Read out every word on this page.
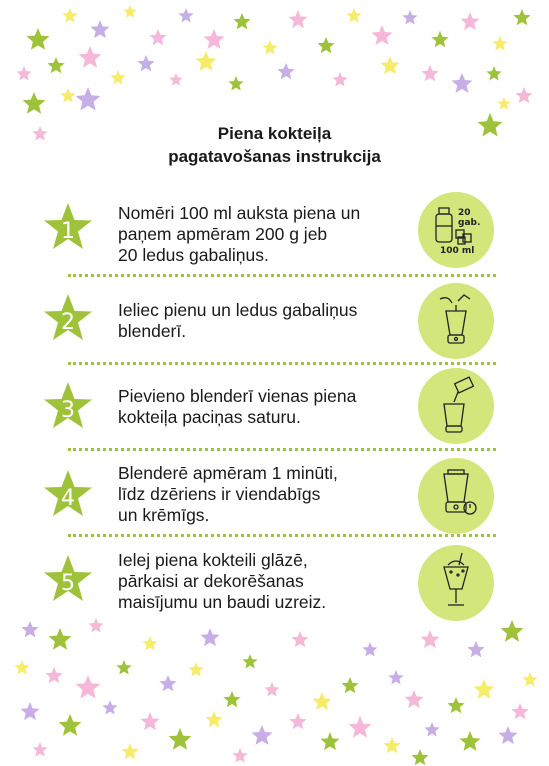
Piena kokteiļa
pagatavošanas instrukcija
1
Nomēri 100 ml auksta piena un
paņem apmēram 200 g jeb
20 ledus gabaliņus.
20 gab.
100 ml
2 Ieliec pienu un ledus gabaliņus
blenderī.
3
Pievieno blenderī vienas piena
kokteiļa paciņas saturu.
4
Blenderē apmēram 1 minūti,
līdz dzēriens ir viendabīgs
un krēmīgs.
5
Ielej piena kokteili glāzē,
pārkaisi ar dekorēšanas
maisījumu un baudi uzreiz.
